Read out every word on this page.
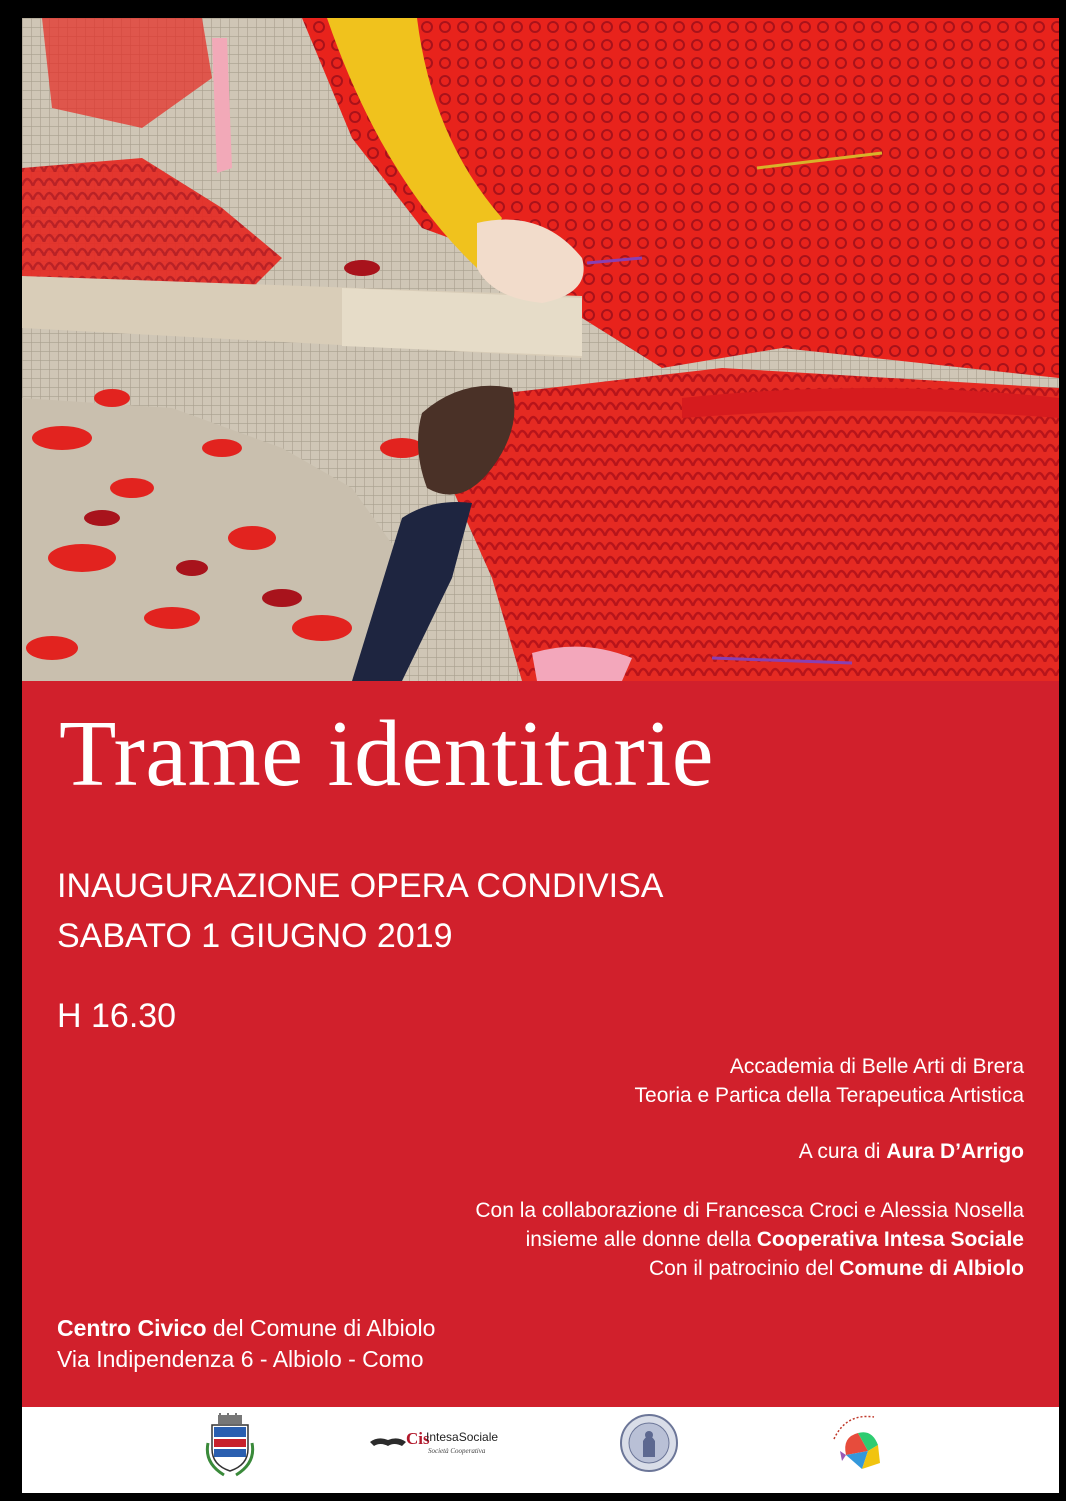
Trame identitarie
INAUGURAZIONE OPERA CONDIVISA
SABATO 1 GIUGNO 2019
H 16.30

Accademia di Belle Arti di Brera

Teoria e Partica della Terapeutica Artistica

A cura di Aura D’Arrigo

Con la collaborazione di Francesca Croci e Alessia Nosella

insieme alle donne della Cooperativa Intesa Sociale

Con il patrocinio del Comune di Albiolo

Centro Civico del Comune di Albiolo

Via Indipendenza 6 - Albiolo - Como

Cis
IntesaSociale
Società Cooperativa
